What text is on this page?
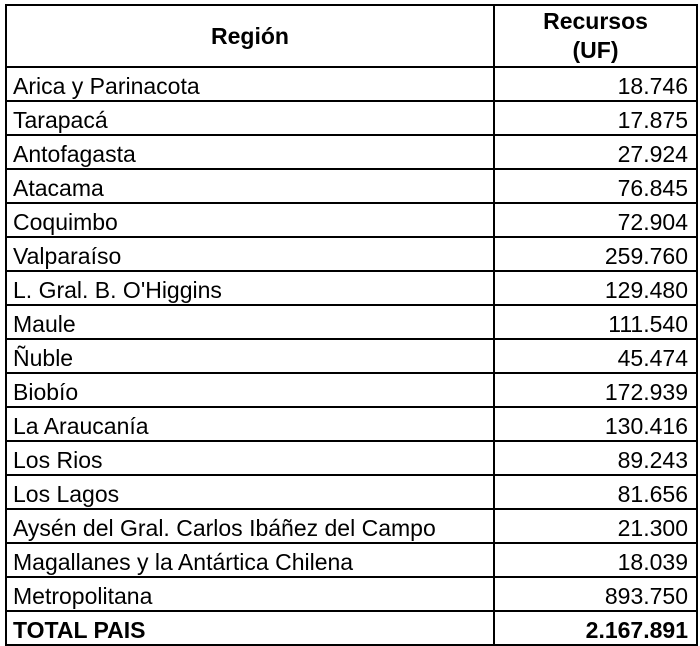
Región	Recursos
(UF)
Arica y Parinacota	18.746
Tarapacá	17.875
Antofagasta	27.924
Atacama	76.845
Coquimbo	72.904
Valparaíso	259.760
L. Gral. B. O'Higgins	129.480
Maule	111.540
Ñuble	45.474
Biobío	172.939
La Araucanía	130.416
Los Rios	89.243
Los Lagos	81.656
Aysén del Gral. Carlos Ibáñez del Campo	21.300
Magallanes y la Antártica Chilena	18.039
Metropolitana	893.750
TOTAL PAIS	2.167.891
